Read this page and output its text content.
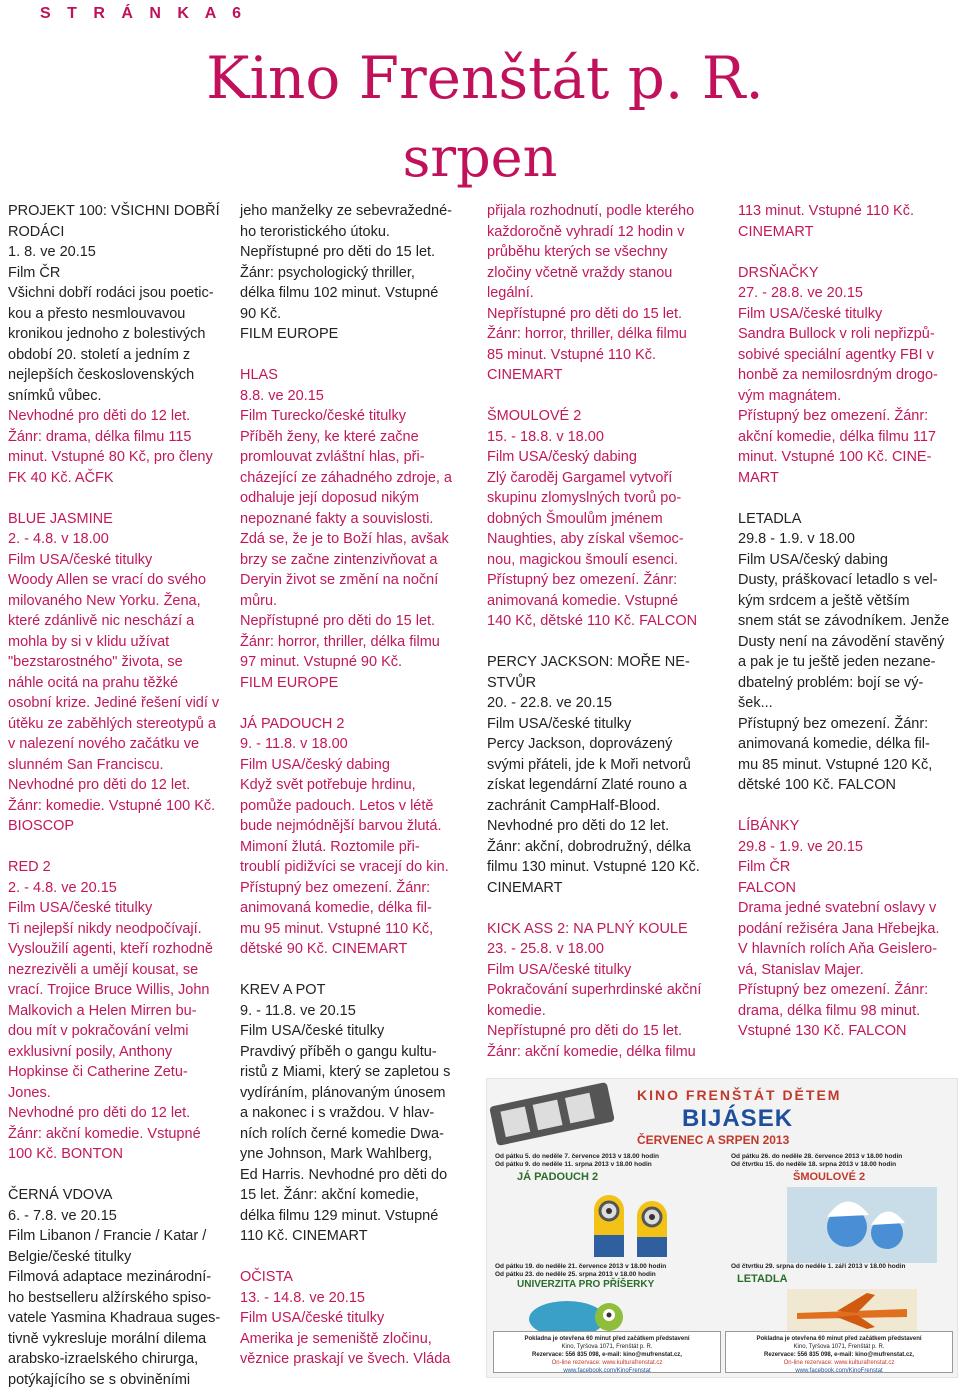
S T R Á N K A 6
Kino Frenštát p. R.
srpen
PROJEKT 100: VŠICHNI DOBŘÍ
RODÁCI
1. 8. ve 20.15
Film ČR
Všichni dobří rodáci jsou poetic-
kou a přesto nesmlouvavou
kronikou jednoho z bolestivých
období 20. století a jedním z
nejlepších československých
snímků vůbec.
Nevhodné pro děti do 12 let.
Žánr: drama, délka filmu 115
minut. Vstupné 80 Kč, pro členy
FK 40 Kč. AČFK
BLUE JASMINE
2. - 4.8. v 18.00
Film USA/české titulky
Woody Allen se vrací do svého
milovaného New Yorku. Žena,
které zdánlivě nic neschází a
mohla by si v klidu užívat
"bezstarostného" života, se
náhle ocitá na prahu těžké
osobní krize. Jediné řešení vidí v
útěku ze zaběhlých stereotypů a
v nalezení nového začátku ve
slunném San Franciscu.
Nevhodné pro děti do 12 let.
Žánr: komedie. Vstupné 100 Kč.
BIOSCOP
RED 2
2. - 4.8. ve 20.15
Film USA/české titulky
Ti nejlepší nikdy neodpočívají.
Vysloužilí agenti, kteří rozhodně
nezrezivěli a umějí kousat, se
vrací. Trojice Bruce Willis, John
Malkovich a Helen Mirren bu-
dou mít v pokračování velmi
exklusivní posily, Anthony
Hopkinse či Catherine Zetu-
Jones.
Nevhodné pro děti do 12 let.
Žánr: akční komedie. Vstupné
100 Kč. BONTON
ČERNÁ VDOVA
6. - 7.8. ve 20.15
Film Libanon / Francie / Katar /
Belgie/české titulky
Filmová adaptace mezinárodní-
ho bestselleru alžírského spiso-
vatele Yasmina Khadraua suges-
tivně vykresluje morální dilema
arabsko-izraelského chirurga,
potýkajícího se s obviněními
jeho manželky ze sebevražedné-
ho teroristického útoku.
Nepřístupné pro děti do 15 let.
Žánr: psychologický thriller,
délka filmu 102 minut. Vstupné
90 Kč.
FILM EUROPE
HLAS
8.8. ve 20.15
Film Turecko/české titulky
Příběh ženy, ke které začne
promlouvat zvláštní hlas, při-
cházející ze záhadného zdroje, a
odhaluje její doposud nikým
nepoznané fakty a souvislosti.
Zdá se, že je to Boží hlas, avšak
brzy se začne zintenzivňovat a
Deryin život se změní na noční
můru.
Nepřístupné pro děti do 15 let.
Žánr: horror, thriller, délka filmu
97 minut. Vstupné 90 Kč.
FILM EUROPE
JÁ PADOUCH 2
9. - 11.8. v 18.00
Film USA/český dabing
Když svět potřebuje hrdinu,
pomůže padouch. Letos v létě
bude nejmódnější barvou žlutá.
Mimoní žlutá. Roztomile při-
troublí pidižvíci se vracejí do kin.
Přístupný bez omezení. Žánr:
animovaná komedie, délka fil-
mu 95 minut. Vstupné 110 Kč,
dětské 90 Kč. CINEMART
KREV A POT
9. - 11.8. ve 20.15
Film USA/české titulky
Pravdivý příběh o gangu kultu-
ristů z Miami, který se zapletou s
vydíráním, plánovaným únosem
a nakonec i s vraždou. V hlav-
ních rolích černé komedie Dwa-
yne Johnson, Mark Wahlberg,
Ed Harris. Nevhodné pro děti do
15 let. Žánr: akční komedie,
délka filmu 129 minut. Vstupné
110 Kč. CINEMART
OČISTA
13. - 14.8. ve 20.15
Film USA/české titulky
Amerika je semeniště zločinu,
věznice praskají ve švech. Vláda
přijala rozhodnutí, podle kterého
každoročně vyhradí 12 hodin v
průběhu kterých se všechny
zločiny včetně vraždy stanou
legální.
Nepřístupné pro děti do 15 let.
Žánr: horror, thriller, délka filmu
85 minut. Vstupné 110 Kč.
CINEMART
ŠMOULOVÉ 2
15. - 18.8. v 18.00
Film USA/český dabing
Zlý čaroděj Gargamel vytvoří
skupinu zlomyslných tvorů po-
dobných Šmoulům jménem
Naughties, aby získal všemoc-
nou, magickou šmoulí esenci.
Přístupný bez omezení. Žánr:
animovaná komedie. Vstupné
140 Kč, dětské 110 Kč. FALCON
PERCY JACKSON: MOŘE NE-
STVŮR
20. - 22.8. ve 20.15
Film USA/české titulky
Percy Jackson, doprovázený
svými přáteli, jde k Moři netvorů
získat legendární Zlaté rouno a
zachránit CampHalf-Blood.
Nevhodné pro děti do 12 let.
Žánr: akční, dobrodružný, délka
filmu 130 minut. Vstupné 120 Kč.
CINEMART
KICK ASS 2: NA PLNÝ KOULE
23. - 25.8. v 18.00
Film USA/české titulky
Pokračování superhrdinské akční
komedie.
Nepřístupné pro děti do 15 let.
Žánr: akční komedie, délka filmu
113 minut. Vstupné 110 Kč.
CINEMART
DRSŇAČKY
27. - 28.8. ve 20.15
Film USA/české titulky
Sandra Bullock v roli nepřizpů-
sobivé speciální agentky FBI v
honbě za nemilosrdným drogo-
vým magnátem.
Přístupný bez omezení. Žánr:
akční komedie, délka filmu 117
minut. Vstupné 100 Kč. CINE-
MART
LETADLA
29.8 - 1.9. v 18.00
Film USA/český dabing
Dusty, práškovací letadlo s vel-
kým srdcem a ještě větším
snem stát se závodníkem. Jenže
Dusty není na závodění stavěný
a pak je tu ještě jeden nezane-
dbatelný problém: bojí se vý-
šek...
Přístupný bez omezení. Žánr:
animovaná komedie, délka fil-
mu 85 minut. Vstupné 120 Kč,
dětské 100 Kč. FALCON
LÍBÁNKY
29.8 - 1.9. ve 20.15
Film ČR
FALCON
Drama jedné svatební oslavy v
podání režiséra Jana Hřebejka.
V hlavních rolích Aňa Geislero-
vá, Stanislav Majer.
Přístupný bez omezení. Žánr:
drama, délka filmu 98 minut.
Vstupné 130 Kč. FALCON
KINO FRENŠTÁT DĚTEM
BIJÁSEK
ČERVENEC A SRPEN 2013
Od pátku 5. do neděle 7. července 2013 v 18.00 hodin
Od pátku 9. do neděle 11. srpna 2013 v 18.00 hodin
JÁ PADOUCH 2
Od pátku 26. do neděle 28. července 2013 v 18.00 hodin
Od čtvrtku 15. do neděle 18. srpna 2013 v 18.00 hodin
ŠMOULOVÉ 2
Od pátku 19. do neděle 21. července 2013 v 18.00 hodin
Od pátku 23. do neděle 25. srpna 2013 v 18.00 hodin
UNIVERZITA PRO PŘÍŠERKY
Od čtvrtku 29. srpna do neděle 1. září 2013 v 18.00 hodin
LETADLA
Pokladna je otevřena 60 minut před začátkem představení
Kino, Tyršova 1071, Frenštát p. R.
Rezervace: 556 835 098, e-mail: kino@mufrenstat.cz,
On-line rezervace: www.kulturafrenstat.cz
www.facebook.com/KinoFrenstat
Pokladna je otevřena 60 minut před začátkem představení
Kino, Tyršova 1071, Frenštát p. R.
Rezervace: 556 835 098, e-mail: kino@mufrenstat.cz,
On-line rezervace: www.kulturafrenstat.cz
www.facebook.com/KinoFrenstat
